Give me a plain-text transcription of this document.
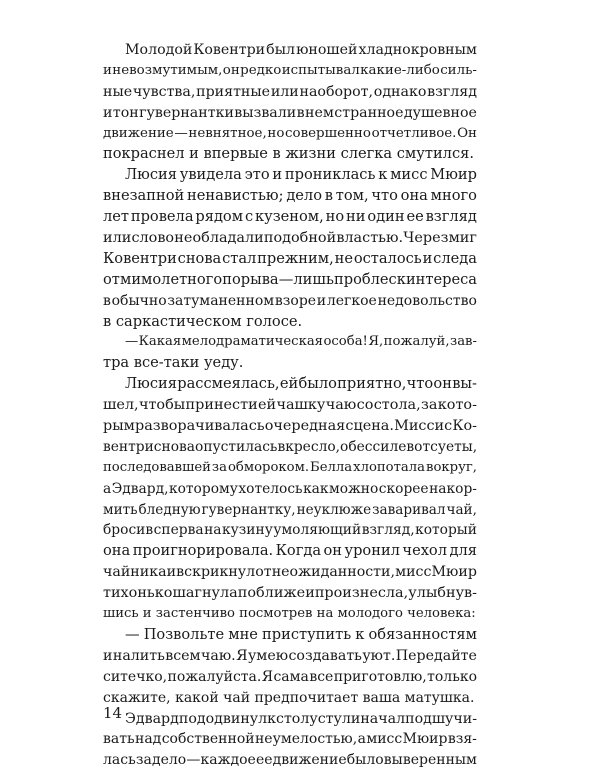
Молодой Ковентри был юношей хладнокровным
и невозмутимым, он редко испытывал какие-либо силь-
ные чувства, приятные или наоборот, однако взгляд
и тон гувернантки вызвали в нем странное душевное
движение — невнятное, но совершенно отчетливое. Он
покраснел и впервые в жизни слегка смутился.
Люсия увидела это и прониклась к мисс Мюир
внезапной ненавистью; дело в том, что она много
лет провела рядом с кузеном, но ни один ее взгляд
или слово не обладали подобной властью. Через миг
Ковентри снова стал прежним, не осталось и следа
от мимолетного порыва — лишь проблеск интереса
в обычно затуманенном взоре и легкое недовольство
в саркастическом голосе.
— Какая мелодраматическая особа! Я, пожалуй, зав-
тра все-таки уеду.
Люсия рассмеялась, ей было приятно, что он вы-
шел, чтобы принести ей чашку чаю со стола, за кото-
рым разворачивалась очередная сцена. Миссис Ко-
вентри снова опустилась в кресло, обессилев от суеты,
последовавшей за обмороком. Белла хлопотала вокруг,
а Эдвард, которому хотелось как можно скорее накор-
мить бледную гувернантку, неуклюже заваривал чай,
бросив сперва на кузину умоляющий взгляд, который
она проигнорировала. Когда он уронил чехол для
чайника и вскрикнул от неожиданности, мисс Мюир
тихонько шагнула поближе и произнесла, улыбнув-
шись и застенчиво посмотрев на молодого человека:
— Позвольте мне приступить к обязанностям
и налить всем чаю. Я умею создавать уют. Передайте
ситечко, пожалуйста. Я сама все приготовлю, только
скажите, какой чай предпочитает ваша матушка.
Эдвард пододвинул к столу стул и начал подшучи-
вать над собственной неумелостью, а мисс Мюир взя-
лась за дело — каждое ее движение было выверенным
14
